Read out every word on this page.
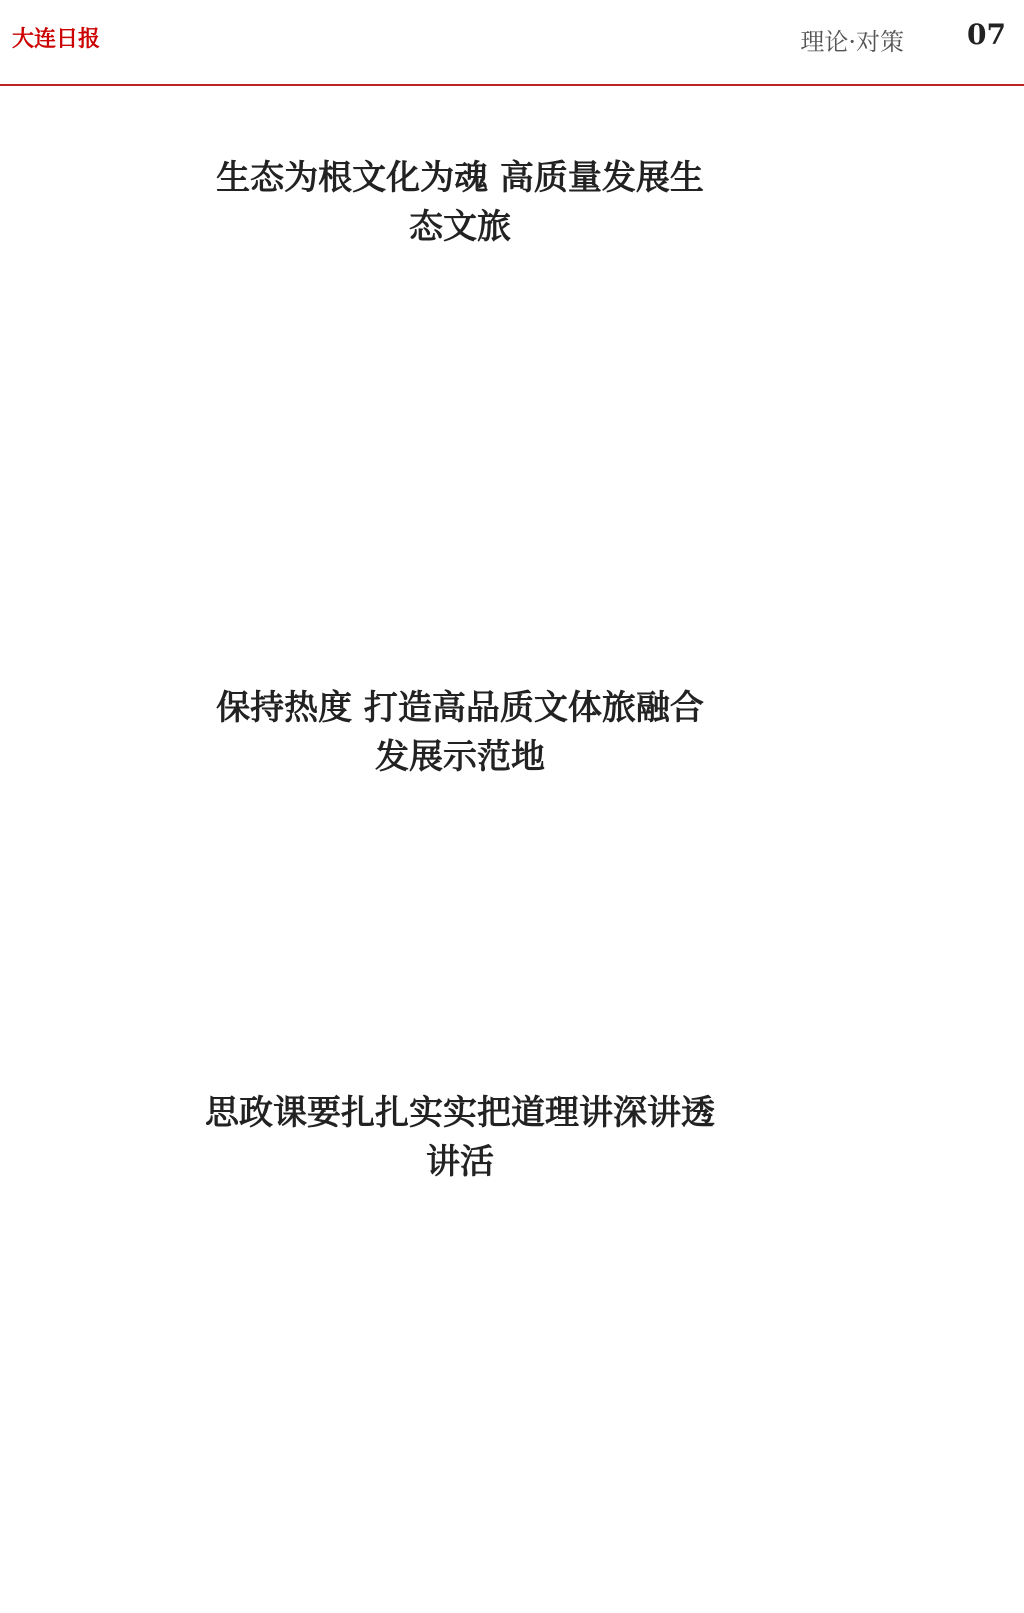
大连日报	理论·对策 07
生态为根文化为魂 高质量发展生态文旅
保持热度 打造高品质文体旅融合发展示范地
思政课要扎扎实实把道理讲深讲透讲活
